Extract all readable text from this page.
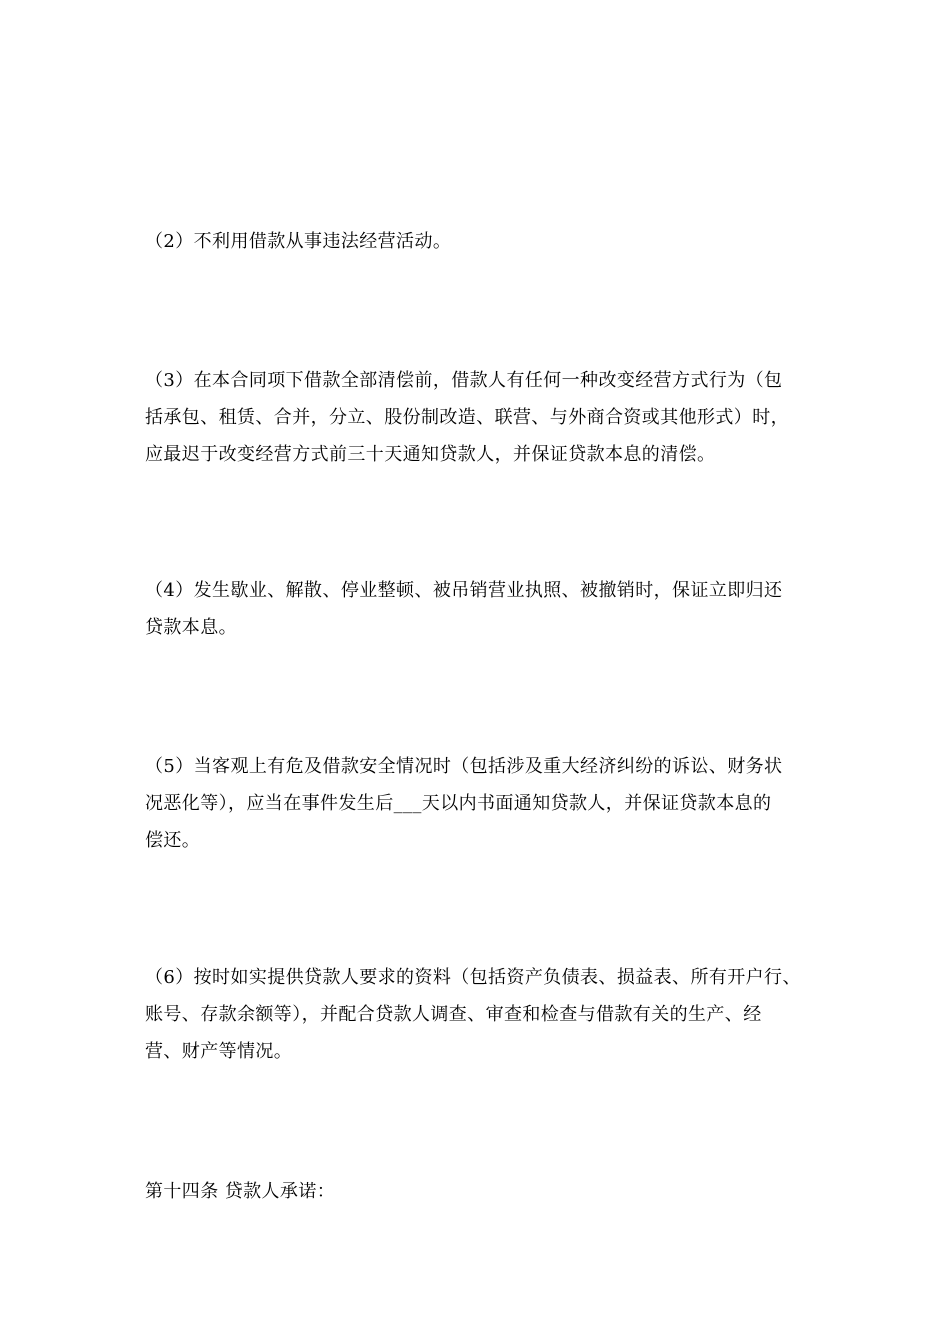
（2）不利用借款从事违法经营活动。

（3）在本合同项下借款全部清偿前，借款人有任何一种改变经营方式行为（包
括承包、租赁、合并，分立、股份制改造、联营、与外商合资或其他形式）时，
应最迟于改变经营方式前三十天通知贷款人，并保证贷款本息的清偿。

（4）发生歇业、解散、停业整顿、被吊销营业执照、被撤销时，保证立即归还
贷款本息。

（5）当客观上有危及借款安全情况时（包括涉及重大经济纠纷的诉讼、财务状
况恶化等），应当在事件发生后___天以内书面通知贷款人，并保证贷款本息的
偿还。

（6）按时如实提供贷款人要求的资料（包括资产负债表、损益表、所有开户行、
账号、存款余额等），并配合贷款人调查、审查和检查与借款有关的生产、经
营、财产等情况。

第十四条 贷款人承诺：
